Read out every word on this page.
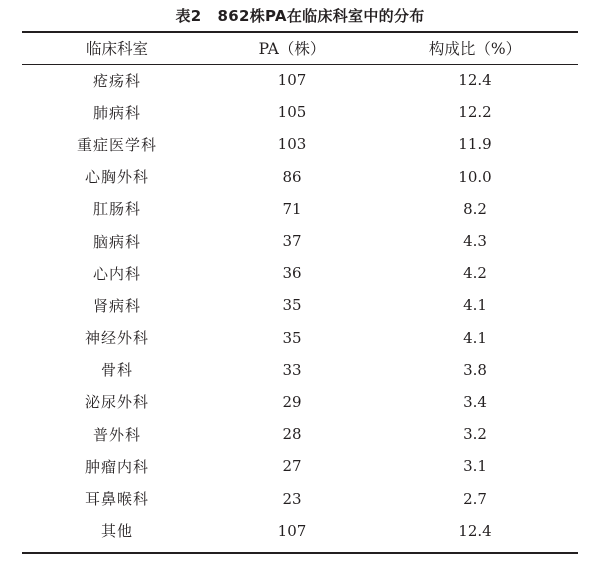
表2 862株PA在临床科室中的分布
临床科室	PA（株）	构成比（%）
疮疡科	107	12.4
肺病科	105	12.2
重症医学科	103	11.9
心胸外科	86	10.0
肛肠科	71	8.2
脑病科	37	4.3
心内科	36	4.2
肾病科	35	4.1
神经外科	35	4.1
骨科	33	3.8
泌尿外科	29	3.4
普外科	28	3.2
肿瘤内科	27	3.1
耳鼻喉科	23	2.7
其他	107	12.4
